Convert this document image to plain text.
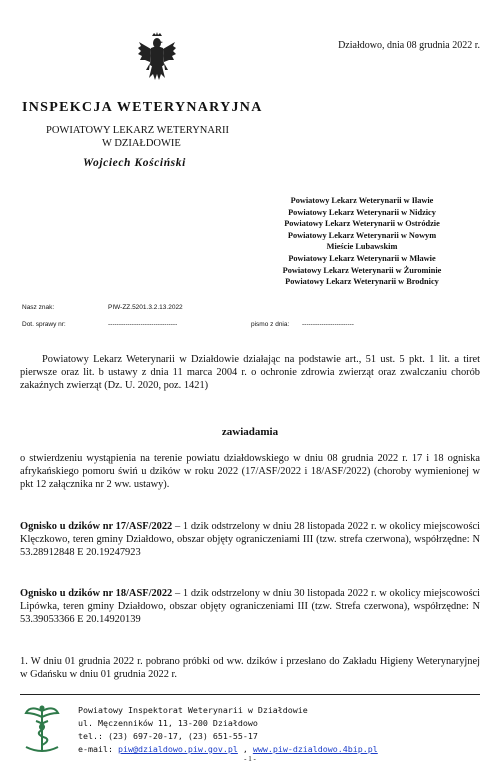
Działdowo, dnia 08 grudnia 2022 r.
INSPEKCJA WETERYNARYJNA
POWIATOWY LEKARZ WETERYNARII
W DZIAŁDOWIE
Wojciech Kościński
Powiatowy Lekarz Weterynarii w Iławie
Powiatowy Lekarz Weterynarii w Nidzicy
Powiatowy Lekarz Weterynarii w Ostródzie
Powiatowy Lekarz Weterynarii w Nowym
Mieście Lubawskim
Powiatowy Lekarz Weterynarii w Mławie
Powiatowy Lekarz Weterynarii w Żurominie
Powiatowy Lekarz Weterynarii w Brodnicy
Nasz znak:	PIW-ZZ.5201.3.2.13.2022
Dot. sprawy nr:	--------------------------------	pismo z dnia: ------------------------
Powiatowy Lekarz Weterynarii w Działdowie działając na podstawie art., 51 ust. 5 pkt. 1 lit. a tiret pierwsze oraz lit. b ustawy z dnia 11 marca 2004 r. o ochronie zdrowia zwierząt oraz zwalczaniu chorób zakaźnych zwierząt (Dz. U. 2020, poz. 1421)
zawiadamia
o stwierdzeniu wystąpienia na terenie powiatu działdowskiego w dniu 08 grudnia 2022 r. 17 i 18 ogniska afrykańskiego pomoru świń u dzików w roku 2022 (17/ASF/2022 i 18/ASF/2022) (choroby wymienionej w pkt 12 załącznika nr 2 ww. ustawy).
Ognisko u dzików nr 17/ASF/2022 – 1 dzik odstrzelony w dniu 28 listopada 2022 r. w okolicy miejscowości Klęczkowo, teren gminy Działdowo, obszar objęty ograniczeniami III (tzw. strefa czerwona), współrzędne: N 53.28912848 E 20.19247923
Ognisko u dzików nr 18/ASF/2022 – 1 dzik odstrzelony w dniu 30 listopada 2022 r. w okolicy miejscowości Lipówka, teren gminy Działdowo, obszar objęty ograniczeniami III (tzw. Strefa czerwona), współrzędne: N 53.39053366 E 20.14920139
1. W dniu 01 grudnia 2022 r. pobrano próbki od ww. dzików i przesłano do Zakładu Higieny Weterynaryjnej w Gdańsku w dniu 01 grudnia 2022 r.
Powiatowy Inspektorat Weterynarii w Działdowie
ul. Męczenników 11, 13-200 Działdowo
tel.: (23) 697-20-17, (23) 651-55-17
e-mail: piw@dzialdowo.piw.gov.pl , www.piw-dzialdowo.4bip.pl
- 1 -
